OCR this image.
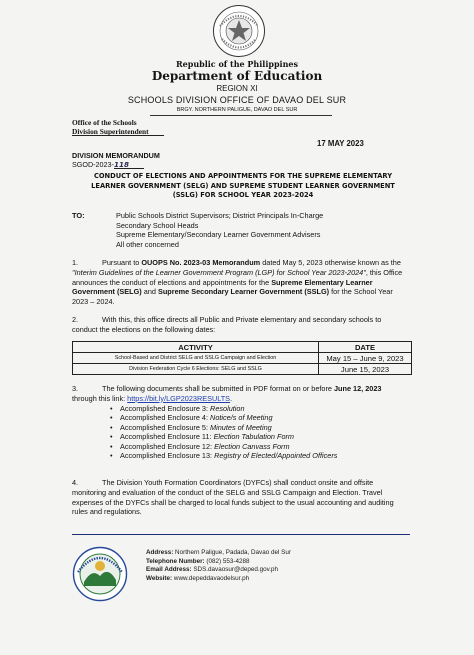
Republic of the Philippines
Department of Education
REGION XI
SCHOOLS DIVISION OFFICE OF DAVAO DEL SUR
BRGY. NORTHERN PALIGUE, DAVAO DEL SUR
Office of the Schools
Division Superintendent
17 MAY 2023
DIVISION MEMORANDUM
SGOD-2023-118
CONDUCT OF ELECTIONS AND APPOINTMENTS FOR THE SUPREME ELEMENTARY LEARNER GOVERNMENT (SELG) AND SUPREME STUDENT LEARNER GOVERNMENT (SSLG) FOR SCHOOL YEAR 2023-2024
TO:	Public Schools District Supervisors; District Principals In-Charge
Secondary School Heads
Supreme Elementary/Secondary Learner Government Advisers
All other concerned
1.	Pursuant to OUOPS No. 2023-03 Memorandum dated May 5, 2023 otherwise known as the "Interim Guidelines of the Learner Government Program (LGP) for School Year 2023-2024", this Office announces the conduct of elections and appointments for the Supreme Elementary Learner Government (SELG) and Supreme Secondary Learner Government (SSLG) for the School Year 2023 – 2024.
2.	With this, this office directs all Public and Private elementary and secondary schools to conduct the elections on the following dates:
ACTIVITY	DATE
School-Based and District SELG and SSLG Campaign and Election	May 15 – June 9, 2023
Division Federation Cycle 6 Elections: SELG and SSLG	June 15, 2023
3.	The following documents shall be submitted in PDF format on or before June 12, 2023 through this link: https://bit.ly/LGP2023RESULTS.
• Accomplished Enclosure 3: Resolution
• Accomplished Enclosure 4: Notice/s of Meeting
• Accomplished Enclosure 5: Minutes of Meeting
• Accomplished Enclosure 11: Election Tabulation Form
• Accomplished Enclosure 12: Election Canvass Form
• Accomplished Enclosure 13: Registry of Elected/Appointed Officers
4.	The Division Youth Formation Coordinators (DYFCs) shall conduct onsite and offsite monitoring and evaluation of the conduct of the SELG and SSLG Campaign and Election. Travel expenses of the DYFCs shall be charged to local funds subject to the usual accounting and auditing rules and regulations.
Address: Northern Paligue, Padada, Davao del Sur
Telephone Number: (082) 553-4288
Email Address: SDS.davaosur@deped.gov.ph
Website: www.depeddavaodelsur.ph
